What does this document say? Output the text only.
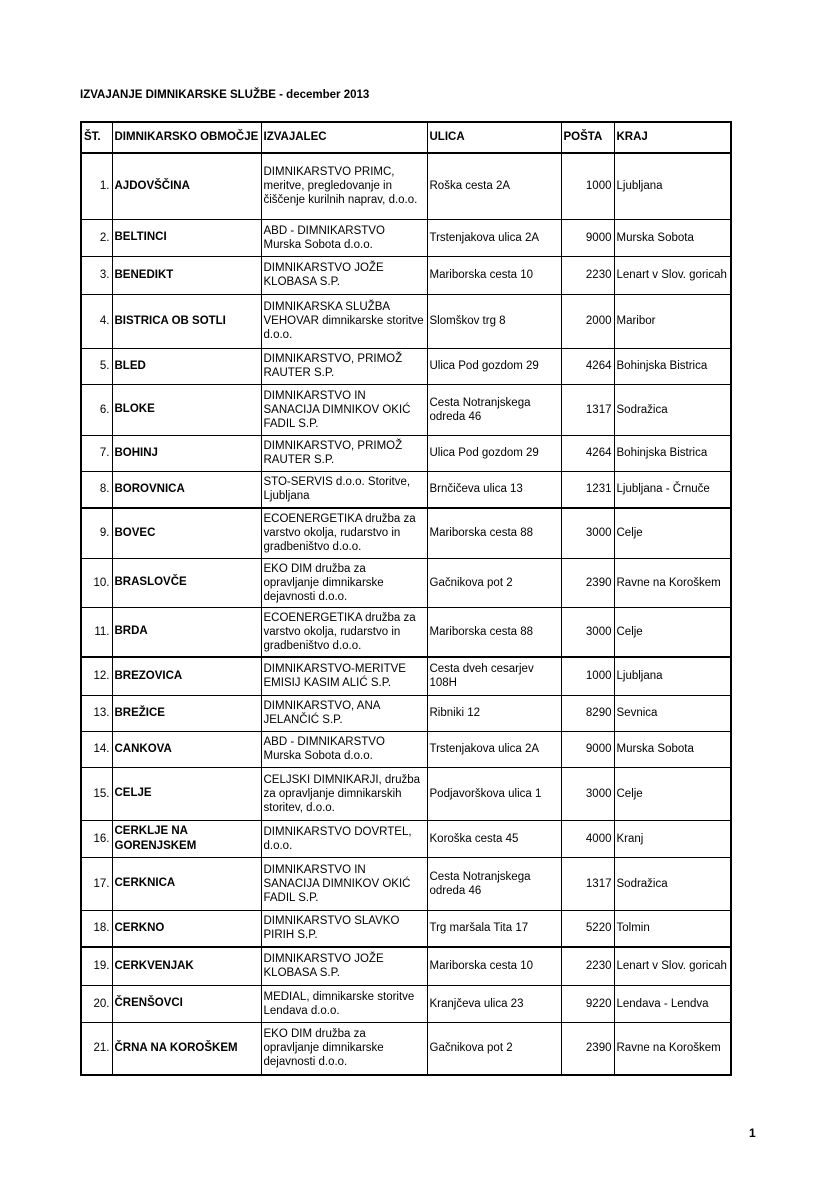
IZVAJANJE DIMNIKARSKE SLUŽBE - december 2013
ŠT.	DIMNIKARSKO OBMOČJE	IZVAJALEC	ULICA	POŠTA	KRAJ
1.	AJDOVŠČINA	DIMNIKARSTVO PRIMC, meritve, pregledovanje in čiščenje kurilnih naprav, d.o.o.	Roška cesta 2A	1000	Ljubljana
2.	BELTINCI	ABD - DIMNIKARSTVO Murska Sobota d.o.o.	Trstenjakova ulica 2A	9000	Murska Sobota
3.	BENEDIKT	DIMNIKARSTVO JOŽE KLOBASA S.P.	Mariborska cesta 10	2230	Lenart v Slov. goricah
4.	BISTRICA OB SOTLI	DIMNIKARSKA SLUŽBA VEHOVAR dimnikarske storitve d.o.o.	Slomškov trg 8	2000	Maribor
5.	BLED	DIMNIKARSTVO, PRIMOŽ RAUTER S.P.	Ulica Pod gozdom 29	4264	Bohinjska Bistrica
6.	BLOKE	DIMNIKARSTVO IN SANACIJA DIMNIKOV OKIĆ FADIL S.P.	Cesta Notranjskega odreda 46	1317	Sodražica
7.	BOHINJ	DIMNIKARSTVO, PRIMOŽ RAUTER S.P.	Ulica Pod gozdom 29	4264	Bohinjska Bistrica
8.	BOROVNICA	STO-SERVIS d.o.o. Storitve, Ljubljana	Brnčičeva ulica 13	1231	Ljubljana - Črnuče
9.	BOVEC	ECOENERGETIKA družba za varstvo okolja, rudarstvo in gradbeništvo d.o.o.	Mariborska cesta 88	3000	Celje
10.	BRASLOVČE	EKO DIM družba za opravljanje dimnikarske dejavnosti d.o.o.	Gačnikova pot 2	2390	Ravne na Koroškem
11.	BRDA	ECOENERGETIKA družba za varstvo okolja, rudarstvo in gradbeništvo d.o.o.	Mariborska cesta 88	3000	Celje
12.	BREZOVICA	DIMNIKARSTVO-MERITVE EMISIJ KASIM ALIĆ S.P.	Cesta dveh cesarjev 108H	1000	Ljubljana
13.	BREŽICE	DIMNIKARSTVO, ANA JELANČIĆ S.P.	Ribniki 12	8290	Sevnica
14.	CANKOVA	ABD - DIMNIKARSTVO Murska Sobota d.o.o.	Trstenjakova ulica 2A	9000	Murska Sobota
15.	CELJE	CELJSKI DIMNIKARJI, družba za opravljanje dimnikarskih storitev, d.o.o.	Podjavorškova ulica 1	3000	Celje
16.	CERKLJE NA GORENJSKEM	DIMNIKARSTVO DOVRTEL, d.o.o.	Koroška cesta 45	4000	Kranj
17.	CERKNICA	DIMNIKARSTVO IN SANACIJA DIMNIKOV OKIĆ FADIL S.P.	Cesta Notranjskega odreda 46	1317	Sodražica
18.	CERKNO	DIMNIKARSTVO SLAVKO PIRIH S.P.	Trg maršala Tita 17	5220	Tolmin
19.	CERKVENJAK	DIMNIKARSTVO JOŽE KLOBASA S.P.	Mariborska cesta 10	2230	Lenart v Slov. goricah
20.	ČRENŠOVCI	MEDIAL, dimnikarske storitve Lendava d.o.o.	Kranjčeva ulica 23	9220	Lendava - Lendva
21.	ČRNA NA KOROŠKEM	EKO DIM družba za opravljanje dimnikarske dejavnosti d.o.o.	Gačnikova pot 2	2390	Ravne na Koroškem
1
